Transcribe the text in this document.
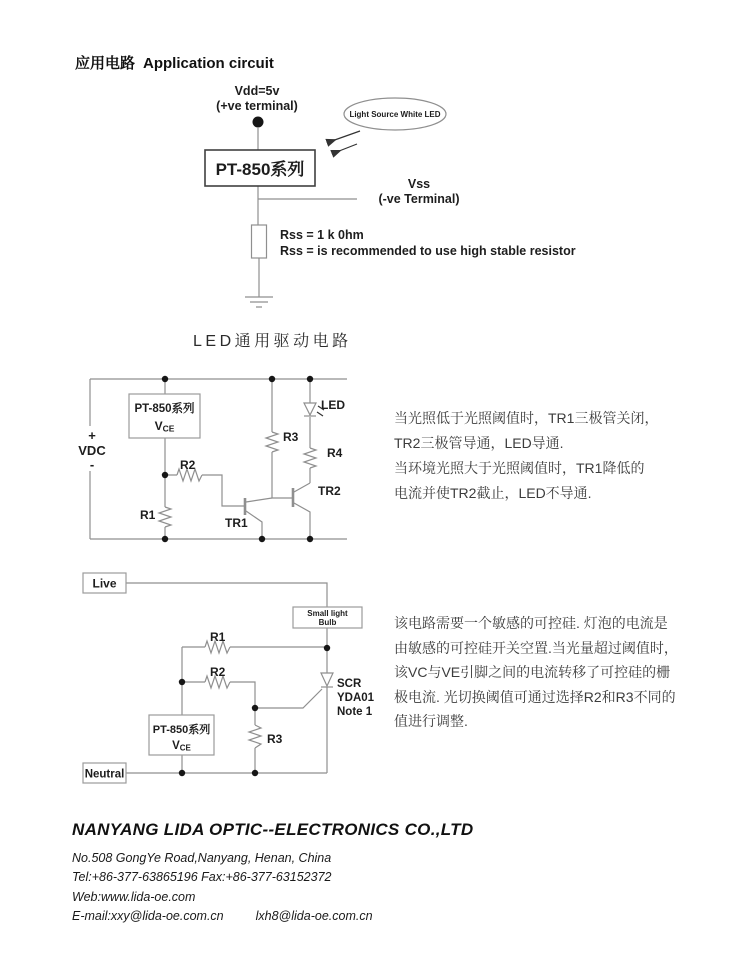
应用电路 Application circuit
Vdd=5v
(+ve terminal)
PT-850系列
Light Source White LED
Vss
(-ve Terminal)
Rss = 1 k 0hm
Rss = is recommended to use high stable resistor
LED通用驱动电路
PT-850系列
VCE
+
VDC
-	R2
R1
R3
R4
TR1
TR2
LED
当光照低于光照阈值时，TR1三极管关闭，
TR2三极管导通，LED导通.
当环境光照大于光照阈值时，TR1降低的
电流并使TR2截止，LED不导通.
Live
Small light
Bulb
PT-850系列
VCE
Neutral
R1
R2
R3
SCR
YDA01
Note 1
该电路需要一个敏感的可控硅. 灯泡的电流是
由敏感的可控硅开关空置.当光量超过阈值时，
该VC与VE引脚之间的电流转移了可控硅的栅
极电流. 光切换阈值可通过选择R2和R3不同的
值进行调整.
NANYANG LIDA OPTIC--ELECTRONICS CO.,LTD
No.508 GongYe Road,Nanyang, Henan, China
Tel:+86-377-63865196 Fax:+86-377-63152372
Web:www.lida-oe.com
E-mail:xxy@lida-oe.com.cn	lxh8@lida-oe.com.cn
